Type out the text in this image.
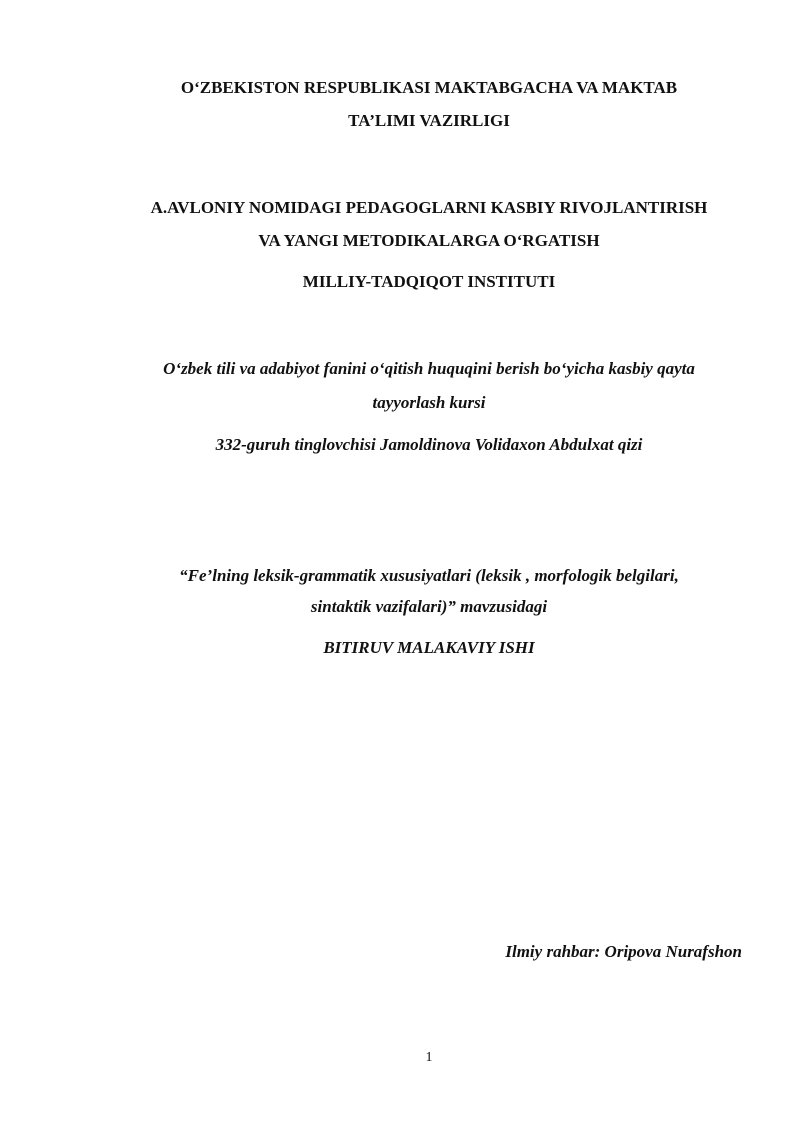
O‘ZBEKISTON RESPUBLIKASI MAKTABGACHA VA MAKTAB
TA’LIMI VAZIRLIGI
A.AVLONIY NOMIDAGI PEDAGOGLARNI KASBIY RIVOJLANTIRISH
VA YANGI METODIKALARGA O‘RGATISH
MILLIY-TADQIQOT INSTITUTI
O‘zbek tili va adabiyot fanini o‘qitish huquqini berish bo‘yicha kasbiy qayta
tayyorlash kursi
332-guruh tinglovchisi Jamoldinova Volidaxon Abdulxat qizi
“Fe’lning leksik-grammatik xususiyatlari (leksik , morfologik belgilari,
sintaktik vazifalari)” mavzusidagi
BITIRUV MALAKAVIY ISHI
Ilmiy rahbar: Oripova Nurafshon
1
